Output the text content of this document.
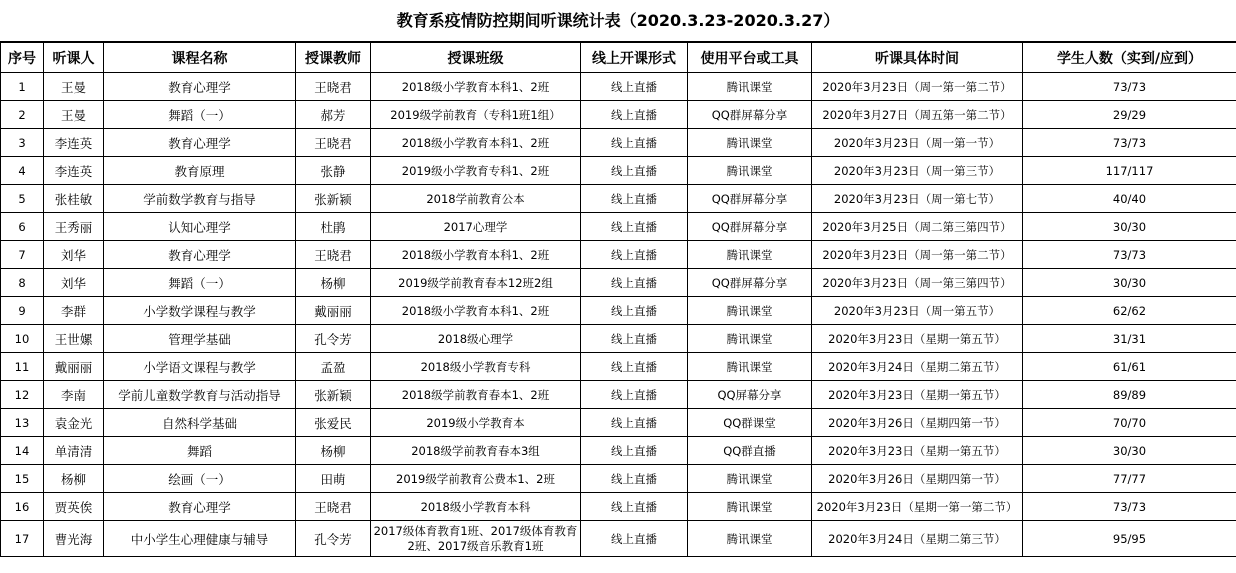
教育系疫情防控期间听课统计表（2020.3.23-2020.3.27）
序号	听课人	课程名称	授课教师	授课班级	线上开课形式	使用平台或工具	听课具体时间	学生人数（实到/应到）
1	王曼	教育心理学	王晓君	2018级小学教育本科1、2班	线上直播	腾讯课堂	2020年3月23日（周一第一第二节）	73/73
2	王曼	舞蹈（一）	郝芳	2019级学前教育（专科1班1组）	线上直播	QQ群屏幕分享	2020年3月27日（周五第一第二节）	29/29
3	李连英	教育心理学	王晓君	2018级小学教育本科1、2班	线上直播	腾讯课堂	2020年3月23日（周一第一节）	73/73
4	李连英	教育原理	张静	2019级小学教育专科1、2班	线上直播	腾讯课堂	2020年3月23日（周一第三节）	117/117
5	张桂敏	学前数学教育与指导	张新颍	2018学前教育公本	线上直播	QQ群屏幕分享	2020年3月23日（周一第七节）	40/40
6	王秀丽	认知心理学	杜鹃	2017心理学	线上直播	QQ群屏幕分享	2020年3月25日（周二第三第四节）	30/30
7	刘华	教育心理学	王晓君	2018级小学教育本科1、2班	线上直播	腾讯课堂	2020年3月23日（周一第一第二节）	73/73
8	刘华	舞蹈（一）	杨柳	2019级学前教育春本12班2组	线上直播	QQ群屏幕分享	2020年3月23日（周一第三第四节）	30/30
9	李群	小学数学课程与教学	戴丽丽	2018级小学教育本科1、2班	线上直播	腾讯课堂	2020年3月23日（周一第五节）	62/62
10	王世嫘	管理学基础	孔令芳	2018级心理学	线上直播	腾讯课堂	2020年3月23日（星期一第五节）	31/31
11	戴丽丽	小学语文课程与教学	孟盈	2018级小学教育专科	线上直播	腾讯课堂	2020年3月24日（星期二第五节）	61/61
12	李南	学前儿童数学教育与活动指导	张新颖	2018级学前教育春本1、2班	线上直播	QQ屏幕分享	2020年3月23日（星期一第五节）	89/89
13	袁金光	自然科学基础	张爱民	2019级小学教育本	线上直播	QQ群课堂	2020年3月26日（星期四第一节）	70/70
14	单清清	舞蹈	杨柳	2018级学前教育春本3组	线上直播	QQ群直播	2020年3月23日（星期一第五节）	30/30
15	杨柳	绘画（一）	田萌	2019级学前教育公费本1、2班	线上直播	腾讯课堂	2020年3月26日（星期四第一节）	77/77
16	贾英俟	教育心理学	王晓君	2018级小学教育本科	线上直播	腾讯课堂	2020年3月23日（星期一第一第二节）	73/73
17	曹光海	中小学生心理健康与辅导	孔令芳	2017级体育教育1班、2017级体育教育2班、2017级音乐教育1班	线上直播	腾讯课堂	2020年3月24日（星期二第三节）	95/95
